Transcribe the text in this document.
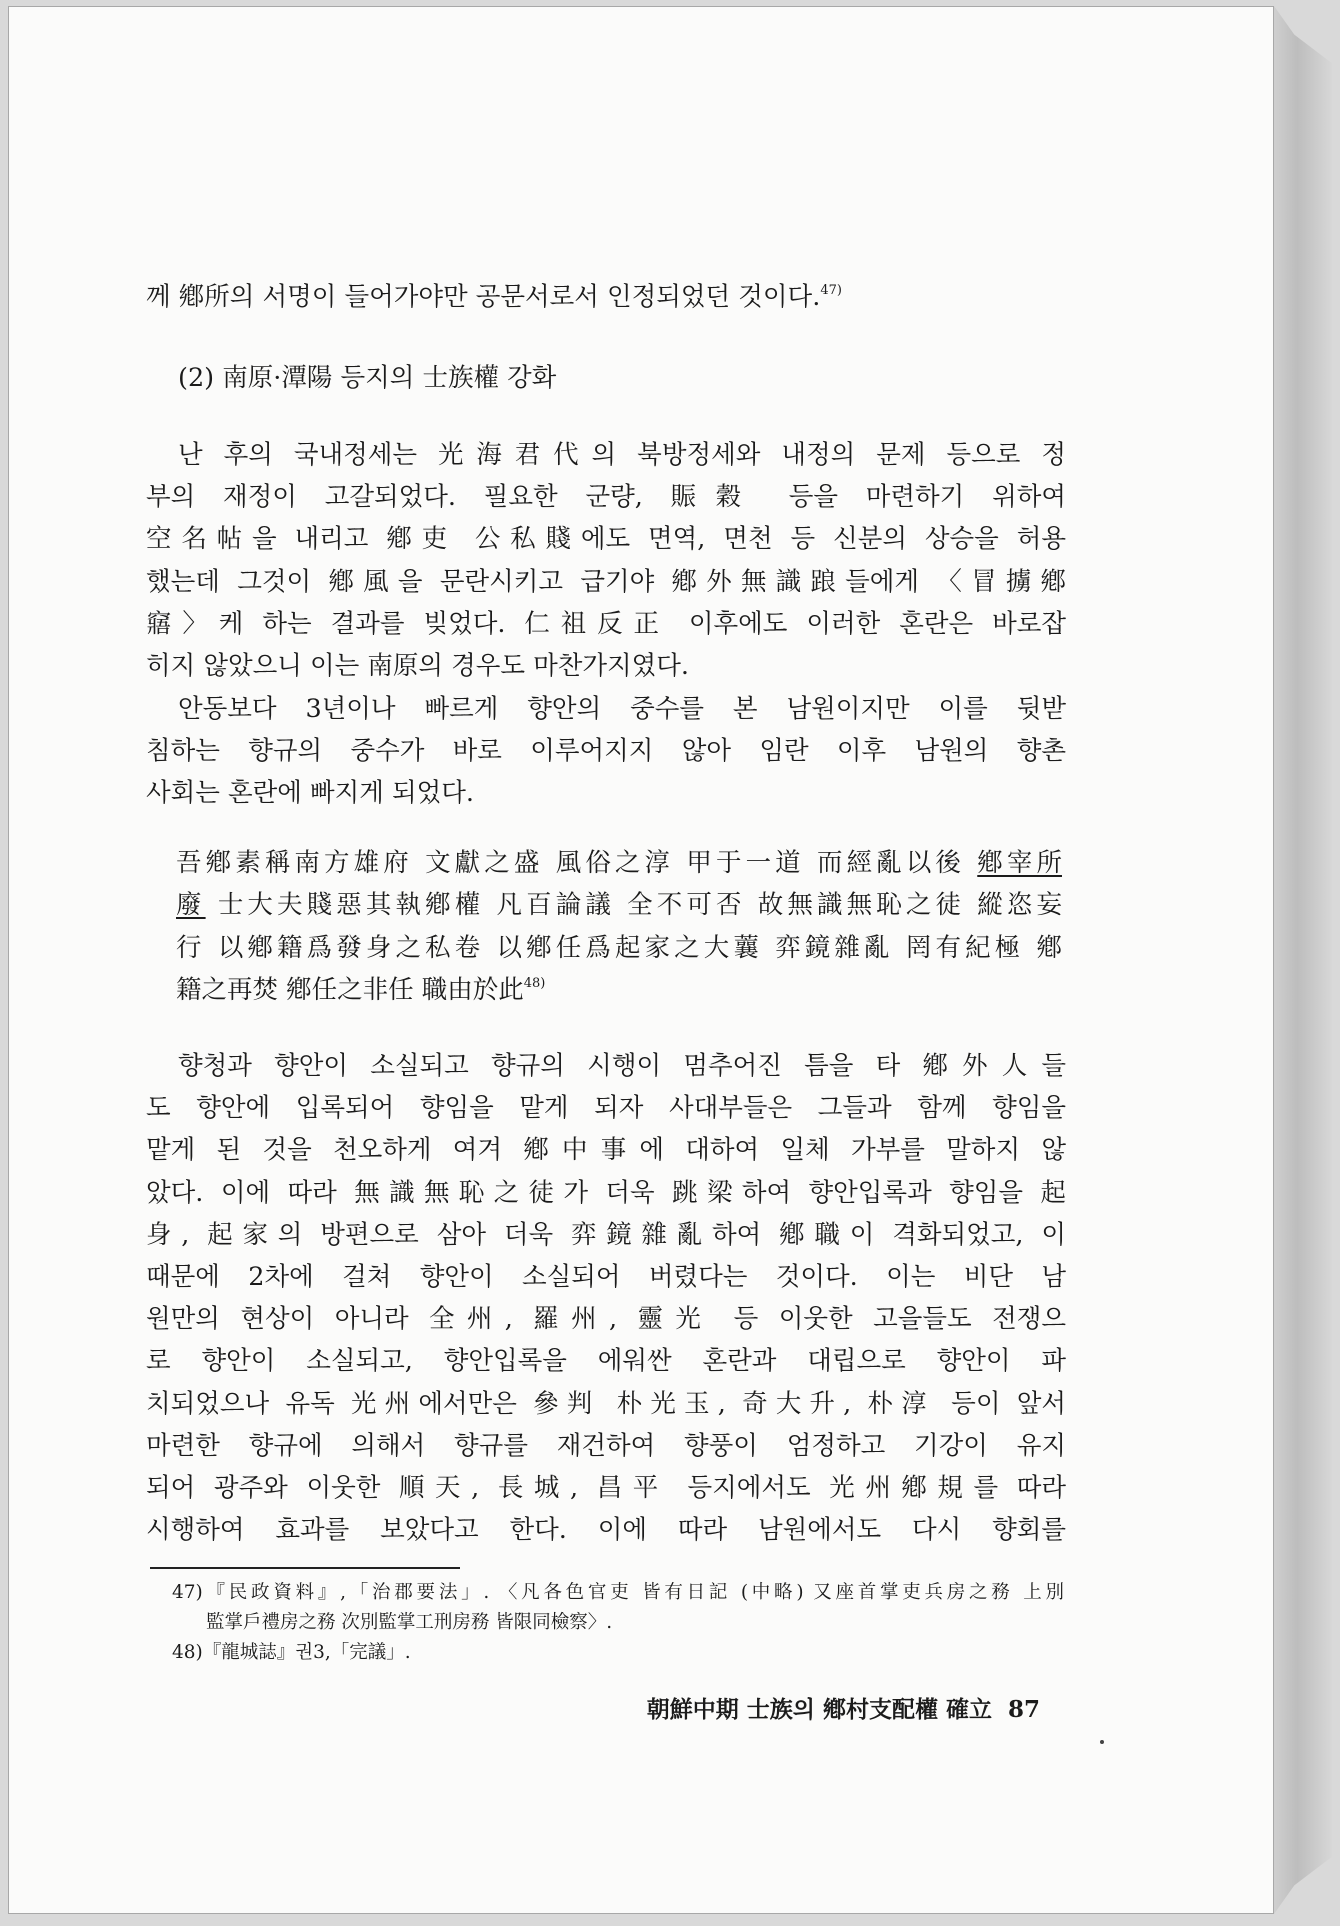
께 鄕所의 서명이 들어가야만 공문서로서 인정되었던 것이다.$^{47)}$

(2) 南原·潭陽 등지의 士族權 강화

난 후의 국내정세는 光海君代의 북방정세와 내정의 문제 등으로 정
부의 재정이 고갈되었다. 필요한 군량, 賑穀 등을 마련하기 위하여
空名帖을 내리고 鄕吏 公私賤에도 면역, 면천 등 신분의 상승을 허용
했는데 그것이 鄕風을 문란시키고 급기야 鄕外無識踉들에게 〈冒擄鄕
窹〉케 하는 결과를 빚었다. 仁祖反正 이후에도 이러한 혼란은 바로잡
히지 않았으니 이는 南原의 경우도 마찬가지였다.
안동보다 3년이나 빠르게 향안의 중수를 본 남원이지만 이를 뒷받
침하는 향규의 중수가 바로 이루어지지 않아 임란 이후 남원의 향촌
사회는 혼란에 빠지게 되었다.
吾鄕素稱南方雄府 文獻之盛 風俗之淳 甲于一道 而經亂以後 鄕宰所
廢 士大夫賤惡其執鄕權 凡百論議 全不可否 故無識無恥之徒 縱恣妄
行 以鄕籍爲發身之私卷 以鄕任爲起家之大蘘 弈鏡雜亂 罔有紀極 鄕
籍之再焚 鄕任之非任 職由於此$^{48)}$
향청과 향안이 소실되고 향규의 시행이 멈추어진 틈을 타 鄕外人들
도 향안에 입록되어 향임을 맡게 되자 사대부들은 그들과 함께 향임을
맡게 된 것을 천오하게 여겨 鄕中事에 대하여 일체 가부를 말하지 않
았다. 이에 따라 無識無恥之徒가 더욱 跳梁하여 향안입록과 향임을 起
身, 起家의 방편으로 삼아 더욱 弈鏡雜亂하여 鄕職이 격화되었고, 이
때문에 2차에 걸쳐 향안이 소실되어 버렸다는 것이다. 이는 비단 남
원만의 현상이 아니라 全州, 羅州, 靈光 등 이웃한 고을들도 전쟁으
로 향안이 소실되고, 향안입록을 에워싼 혼란과 대립으로 향안이 파
치되었으나 유독 光州에서만은 參判 朴光玉, 奇大升, 朴淳 등이 앞서
마련한 향규에 의해서 향규를 재건하여 향풍이 엄정하고 기강이 유지
되어 광주와 이웃한 順天, 長城, 昌平 등지에서도 光州鄕規를 따라
시행하여 효과를 보았다고 한다. 이에 따라 남원에서도 다시 향회를
47)『民政資料』,「治郡要法」. 〈凡各色官吏 皆有日記 (中略) 又座首掌吏兵房之務 上別
監掌戶禮房之務 次別監掌工刑房務 皆限同檢察〉.
48)『龍城誌』권3,「完議」.
朝鮮中期 士族의 鄕村支配權 確立 87
